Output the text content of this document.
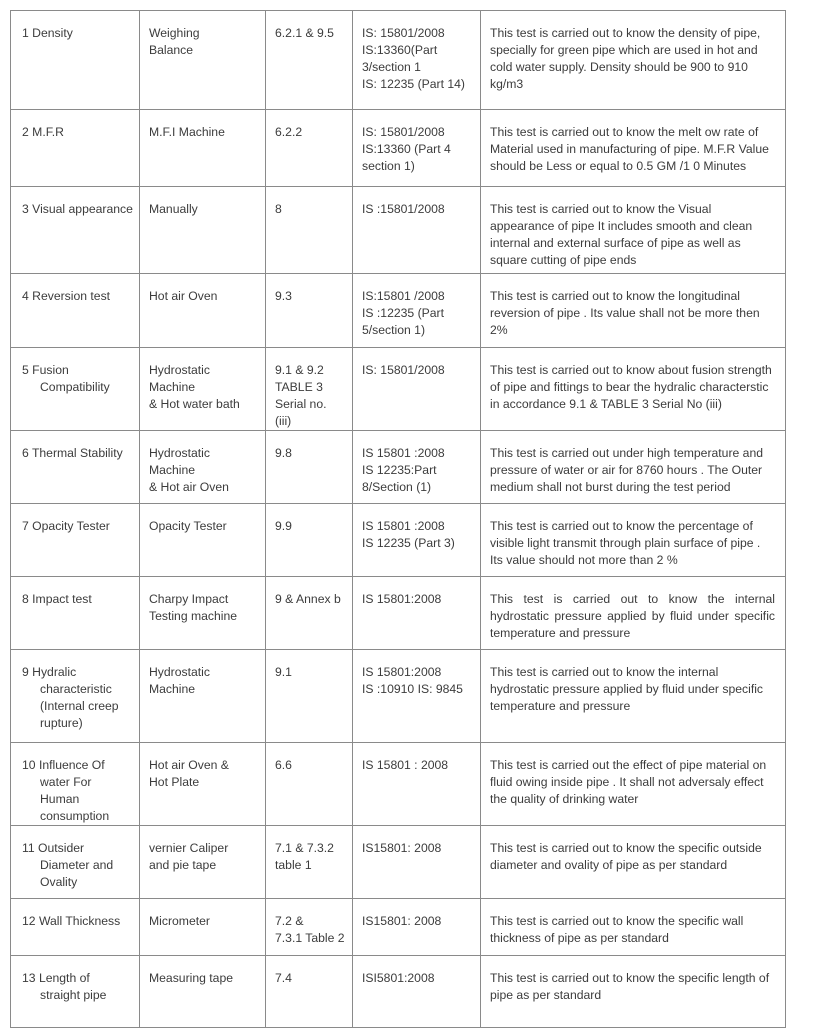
1 Density	Weighing
Balance	6.2.1 & 9.5	IS: 15801/2008
IS:13360(Part
3/section 1
IS: 12235 (Part 14)	This test is carried out to know the density of pipe, specially for green pipe which are used in hot and cold water supply. Density should be 900 to 910 kg/m3

2 M.F.R	M.F.I Machine	6.2.2	IS: 15801/2008
IS:13360 (Part 4
section 1)	This test is carried out to know the melt ow rate of Material used in manufacturing of pipe. M.F.R Value should be Less or equal to 0.5 GM /1 0 Minutes

3 Visual appearance	Manually	8	IS :15801/2008	This test is carried out to know the Visual appearance of pipe It includes smooth and clean internal and external surface of pipe as well as square cutting of pipe ends

4 Reversion test	Hot air Oven	9.3	IS:15801 /2008
IS :12235 (Part
5/section 1)	This test is carried out to know the longitudinal reversion of pipe . Its value shall not be more then 2%

5 Fusion Compatibility	Hydrostatic
Machine
& Hot water bath	9.1 & 9.2
TABLE 3
Serial no.
(iii)	IS: 15801/2008	This test is carried out to know about fusion strength of pipe and fittings to bear the hydralic characterstic in accordance 9.1 & TABLE 3 Serial No (iii)

6 Thermal Stability	Hydrostatic
Machine
& Hot air Oven	9.8	IS 15801 :2008
IS 12235:Part
8/Section (1)	This test is carried out under high temperature and pressure of water or air for 8760 hours . The Outer medium shall not burst during the test period

7 Opacity Tester	Opacity Tester	9.9	IS 15801 :2008
IS 12235 (Part 3)	This test is carried out to know the percentage of visible light transmit through plain surface of pipe . Its value should not more than 2 %

8 Impact test	Charpy Impact
Testing machine	9 & Annex b	IS 15801:2008	This test is carried out to know the internal hydrostatic pressure applied by fluid under specific temperature and pressure

9 Hydralic characteristic (Internal creep rupture)	Hydrostatic
Machine	9.1	IS 15801:2008
IS :10910 IS: 9845	This test is carried out to know the internal hydrostatic pressure applied by fluid under specific temperature and pressure

10 Influence Of water For Human consumption	Hot air Oven &
Hot Plate	6.6	IS 15801 : 2008	This test is carried out the effect of pipe material on fluid owing inside pipe . It shall not adversaly effect the quality of drinking water

11 Outsider Diameter and Ovality	vernier Caliper
and pie tape	7.1 & 7.3.2
table 1	IS15801: 2008	This test is carried out to know the specific outside diameter and ovality of pipe as per standard

12 Wall Thickness	Micrometer	7.2 &
7.3.1 Table 2	IS15801: 2008	This test is carried out to know the specific wall thickness of pipe as per standard

13 Length of straight pipe	Measuring tape	7.4	ISI5801:2008	This test is carried out to know the specific length of pipe as per standard
